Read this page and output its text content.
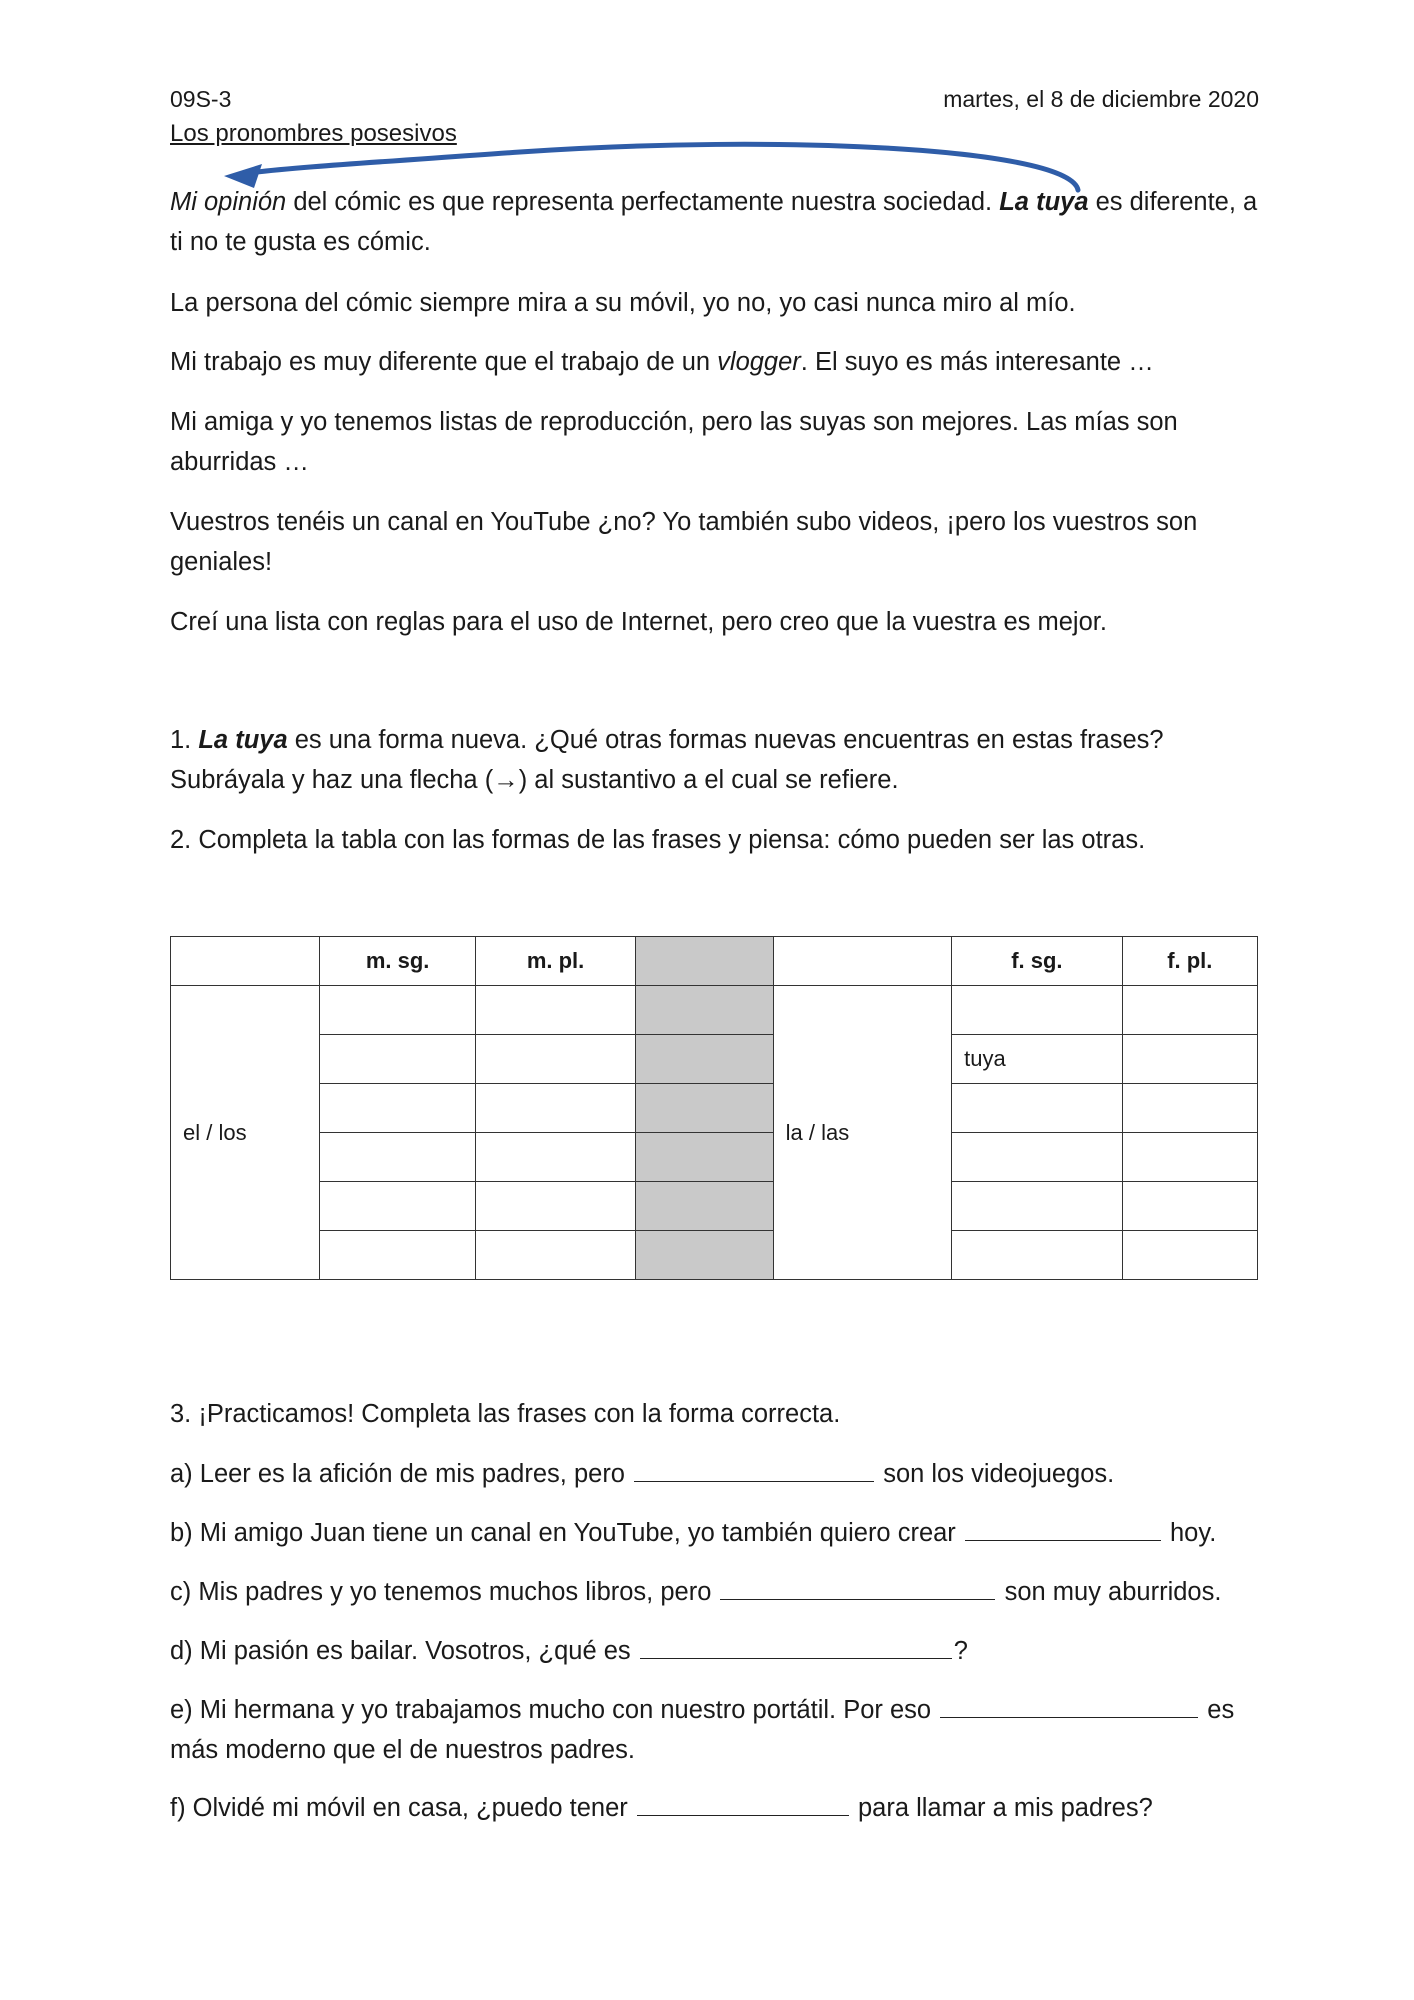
09S-3	martes, el 8 de diciembre 2020
Los pronombres posesivos
Mi opinión del cómic es que representa perfectamente nuestra sociedad. La tuya es diferente, a ti no te gusta es cómic.
La persona del cómic siempre mira a su móvil, yo no, yo casi nunca miro al mío.
Mi trabajo es muy diferente que el trabajo de un vlogger. El suyo es más interesante …
Mi amiga y yo tenemos listas de reproducción, pero las suyas son mejores. Las mías son aburridas …
Vuestros tenéis un canal en YouTube ¿no? Yo también subo videos, ¡pero los vuestros son geniales!
Creí una lista con reglas para el uso de Internet, pero creo que la vuestra es mejor.
1. La tuya es una forma nueva. ¿Qué otras formas nuevas encuentras en estas frases? Subráyala y haz una flecha (→) al sustantivo a el cual se refiere.
2. Completa la tabla con las formas de las frases y piensa: cómo pueden ser las otras.
	m. sg.	m. pl.			f. sg.	f. pl.
el / los				la / las		
					tuya	

3. ¡Practicamos! Completa las frases con la forma correcta.
a) Leer es la afición de mis padres, pero	son los videojuegos.
b) Mi amigo Juan tiene un canal en YouTube, yo también quiero crear	hoy.
c) Mis padres y yo tenemos muchos libros, pero	son muy aburridos.
d) Mi pasión es bailar. Vosotros, ¿qué es	?
e) Mi hermana y yo trabajamos mucho con nuestro portátil. Por eso	es más moderno que el de nuestros padres.
f) Olvidé mi móvil en casa, ¿puedo tener	para llamar a mis padres?
